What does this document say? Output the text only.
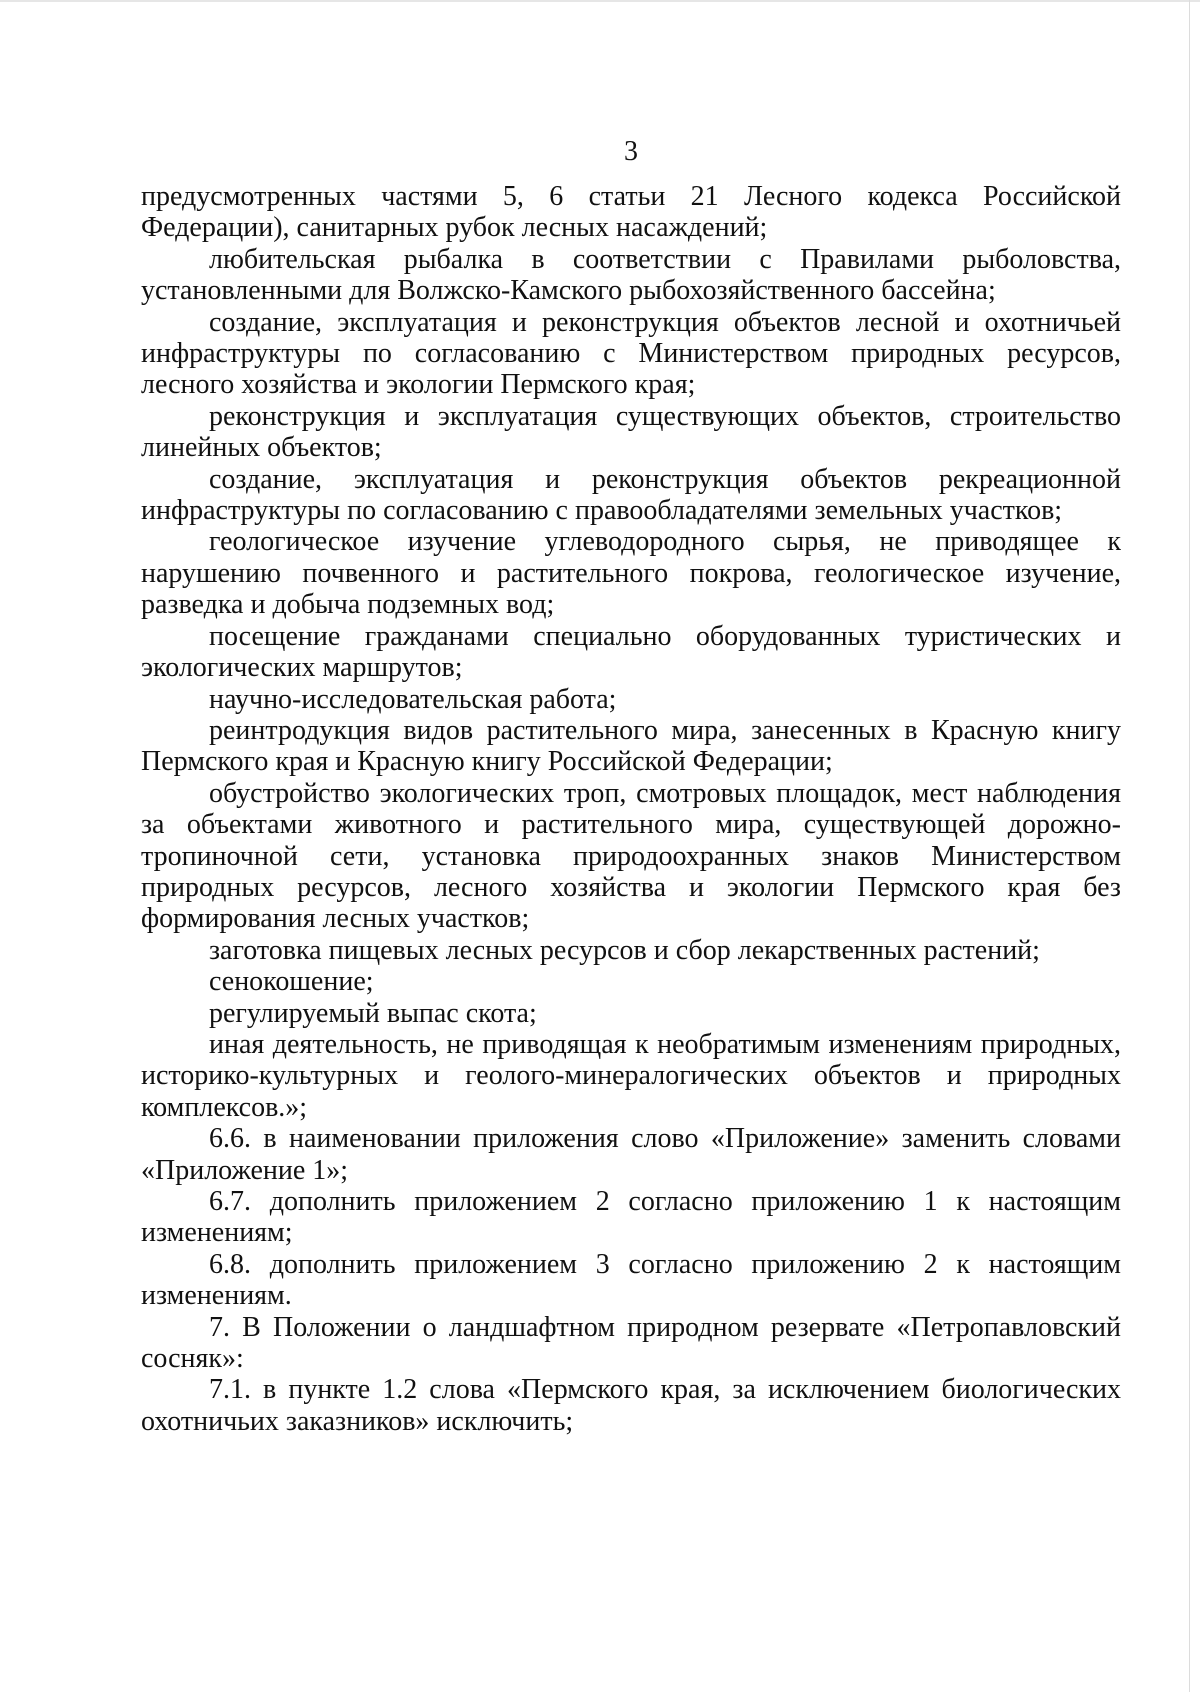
3

предусмотренных частями 5, 6 статьи 21 Лесного кодекса Российской Федерации), санитарных рубок лесных насаждений;

любительская рыбалка в соответствии с Правилами рыболовства, установленными для Волжско-Камского рыбохозяйственного бассейна;

создание, эксплуатация и реконструкция объектов лесной и охотничьей инфраструктуры по согласованию с Министерством природных ресурсов, лесного хозяйства и экологии Пермского края;

реконструкция и эксплуатация существующих объектов, строительство линейных объектов;

создание, эксплуатация и реконструкция объектов рекреационной инфраструктуры по согласованию с правообладателями земельных участков;

геологическое изучение углеводородного сырья, не приводящее к нарушению почвенного и растительного покрова, геологическое изучение, разведка и добыча подземных вод;

посещение гражданами специально оборудованных туристических и экологических маршрутов;

научно-исследовательская работа;

реинтродукция видов растительного мира, занесенных в Красную книгу Пермского края и Красную книгу Российской Федерации;

обустройство экологических троп, смотровых площадок, мест наблюдения за объектами животного и растительного мира, существующей дорожно-тропиночной сети, установка природоохранных знаков Министерством природных ресурсов, лесного хозяйства и экологии Пермского края без формирования лесных участков;

заготовка пищевых лесных ресурсов и сбор лекарственных растений;

сенокошение;

регулируемый выпас скота;

иная деятельность, не приводящая к необратимым изменениям природных, историко-культурных и геолого-минералогических объектов и природных комплексов.»;

6.6. в наименовании приложения слово «Приложение» заменить словами «Приложение 1»;

6.7. дополнить приложением 2 согласно приложению 1 к настоящим изменениям;

6.8. дополнить приложением 3 согласно приложению 2 к настоящим изменениям.

7. В Положении о ландшафтном природном резервате «Петропавловский сосняк»:

7.1. в пункте 1.2 слова «Пермского края, за исключением биологических охотничьих заказников» исключить;
